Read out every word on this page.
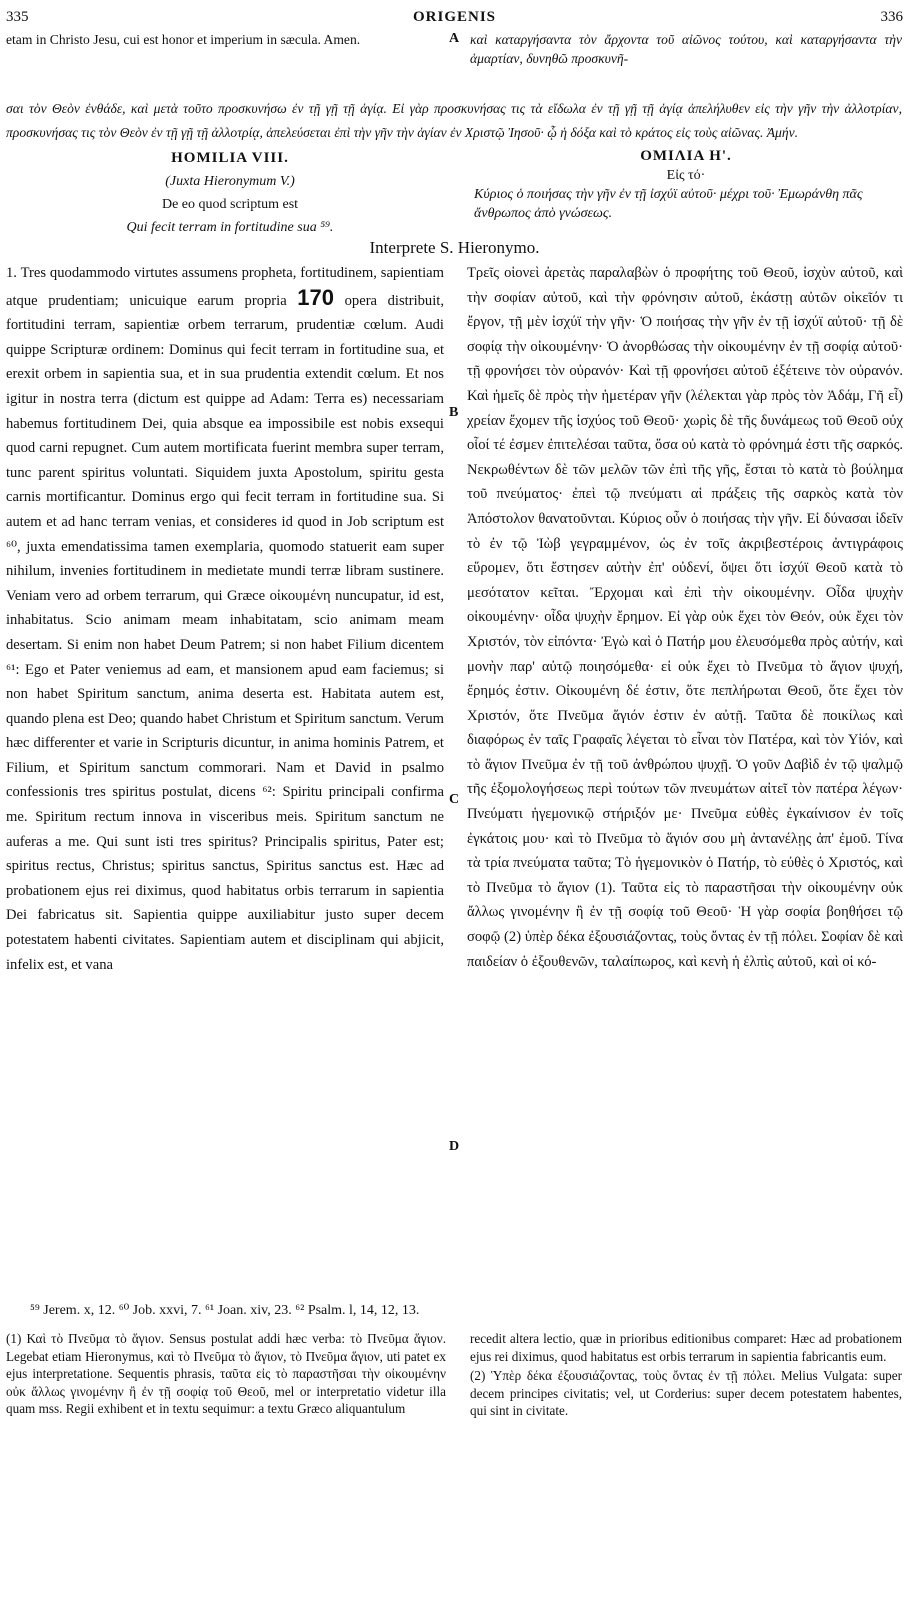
335	ORIGENIS	336
etam in Christo Jesu, cui est honor et imperium in sæcula. Amen.	A καὶ καταργήσαντα τὸν ἄρχοντα τοῦ αἰῶνος τούτου, καὶ καταργήσαντα τὴν ἁμαρτίαν, δυνηθῶ προσκυνῆ-
σαι τὸν Θεὸν ἐνθάδε, καὶ μετὰ τοῦτο προσκυνήσω ἐν τῇ γῇ τῇ ἁγίᾳ. Εἰ γὰρ προσκυνήσας τις τὰ εἴδωλα ἐν τῇ γῇ τῇ ἁγίᾳ ἀπελήλυθεν εἰς τὴν γῆν τὴν ἀλλοτρίαν, προσκυνήσας τις τὸν Θεὸν ἐν τῇ γῇ τῇ ἀλλοτρίᾳ, ἀπελεύσεται ἐπὶ τὴν γῆν τὴν ἁγίαν ἐν Χριστῷ Ἰησοῦ· ᾧ ἡ δόξα καὶ τὸ κράτος εἰς τοὺς αἰῶνας. Ἀμήν.
HOMILIA VIII.
(Juxta Hieronymum V.)
De eo quod scriptum est
Qui fecit terram in fortitudine sua ⁵⁹.
ΟΜΙΛΙΑ Η'.
Εἰς τό·
Κύριος ὁ ποιήσας τὴν γῆν ἐν τῇ ἰσχύϊ αὐτοῦ· μέχρι τοῦ· Ἐμωράνθη πᾶς ἄνθρωπος ἀπὸ γνώσεως.
Interprete S. Hieronymo.

1. Tres quodammodo virtutes assumens propheta, fortitudinem, sapientiam atque prudentiam; unicuique earum propria 170 opera distribuit, fortitudini terram, sapientiæ orbem terrarum, prudentiæ cœlum. Audi quippe Scripturæ ordinem: Dominus qui fecit terram in fortitudine sua, et erexit orbem in sapientia sua, et in sua prudentia extendit cœlum. Et nos igitur in nostra terra (dictum est quippe ad Adam: Terra es) necessariam habemus fortitudinem Dei, quia absque ea impossibile est nobis exsequi quod carni repugnet. Cum autem mortificata fuerint membra super terram, tunc parent spiritus voluntati. Siquidem juxta Apostolum, spiritu gesta carnis mortificantur. Dominus ergo qui fecit terram in fortitudine sua. Si autem et ad hanc terram venias, et consideres id quod in Job scriptum est ⁶⁰, juxta emendatissima tamen exemplaria, quomodo statuerit eam super nihilum, invenies fortitudinem in medietate mundi terræ libram sustinere. Veniam vero ad orbem terrarum, qui Græce οἰκουμένη nuncupatur, id est, inhabitatus. Scio animam meam inhabitatam, scio animam meam desertam. Si enim non habet Deum Patrem; si non habet Filium dicentem ⁶¹: Ego et Pater veniemus ad eam, et mansionem apud eam faciemus; si non habet Spiritum sanctum, anima deserta est. Habitata autem est, quando plena est Deo; quando habet Christum et Spiritum sanctum. Verum hæc differenter et varie in Scripturis dicuntur, in anima hominis Patrem, et Filium, et Spiritum sanctum commorari. Nam et David in psalmo confessionis tres spiritus postulat, dicens ⁶²: Spiritu principali confirma me. Spiritum rectum innova in visceribus meis. Spiritum sanctum ne auferas a me. Qui sunt isti tres spiritus? Principalis spiritus, Pater est; spiritus rectus, Christus; spiritus sanctus, Spiritus sanctus est. Hæc ad probationem ejus rei diximus, quod habitatus orbis terrarum in sapientia Dei fabricatus sit. Sapientia quippe auxiliabitur justo super decem potestatem habenti civitates. Sapientiam autem et disciplinam qui abjicit, infelix est, et vana

B
C
D

Τρεῖς οἱονεὶ ἀρετὰς παραλαβὼν ὁ προφήτης τοῦ Θεοῦ, ἰσχὺν αὐτοῦ, καὶ τὴν σοφίαν αὐτοῦ, καὶ τὴν φρόνησιν αὐτοῦ, ἑκάστῃ αὐτῶν οἰκεῖόν τι ἔργον, τῇ μὲν ἰσχύϊ τὴν γῆν· Ὁ ποιήσας τὴν γῆν ἐν τῇ ἰσχύϊ αὐτοῦ· τῇ δὲ σοφίᾳ τὴν οἰκουμένην· Ὁ ἀνορθώσας τὴν οἰκουμένην ἐν τῇ σοφίᾳ αὐτοῦ· τῇ φρονήσει τὸν οὐρανόν· Καὶ τῇ φρονήσει αὐτοῦ ἐξέτεινε τὸν οὐρανόν. Καὶ ἡμεῖς δὲ πρὸς τὴν ἡμετέραν γῆν (λέλεκται γὰρ πρὸς τὸν Ἀδάμ, Γῆ εἶ) χρείαν ἔχομεν τῆς ἰσχύος τοῦ Θεοῦ· χωρὶς δὲ τῆς δυνάμεως τοῦ Θεοῦ οὐχ οἷοί τέ ἐσμεν ἐπιτελέσαι ταῦτα, ὅσα οὐ κατὰ τὸ φρόνημά ἐστι τῆς σαρκός. Νεκρωθέντων δὲ τῶν μελῶν τῶν ἐπὶ τῆς γῆς, ἔσται τὸ κατὰ τὸ βούλημα τοῦ πνεύματος· ἐπεὶ τῷ πνεύματι αἱ πράξεις τῆς σαρκὸς κατὰ τὸν Ἀπόστολον θανατοῦνται. Κύριος οὖν ὁ ποιήσας τὴν γῆν. Εἰ δύνασαι ἰδεῖν τὸ ἐν τῷ Ἰὼβ γεγραμμένον, ὡς ἐν τοῖς ἀκριβεστέροις ἀντιγράφοις εὕρομεν, ὅτι ἔστησεν αὐτὴν ἐπ' οὐδενί, ὄψει ὅτι ἰσχύϊ Θεοῦ κατὰ τὸ μεσότατον κεῖται. Ἔρχομαι καὶ ἐπὶ τὴν οἰκουμένην. Οἶδα ψυχὴν οἰκουμένην· οἶδα ψυχὴν ἔρημον. Εἰ γὰρ οὐκ ἔχει τὸν Θεόν, οὐκ ἔχει τὸν Χριστόν, τὸν εἰπόντα· Ἐγὼ καὶ ὁ Πατήρ μου ἐλευσόμεθα πρὸς αὐτήν, καὶ μονὴν παρ' αὐτῷ ποιησόμεθα· εἰ οὐκ ἔχει τὸ Πνεῦμα τὸ ἅγιον ψυχή, ἔρημός ἐστιν. Οἰκουμένη δέ ἐστιν, ὅτε πεπλήρωται Θεοῦ, ὅτε ἔχει τὸν Χριστόν, ὅτε Πνεῦμα ἅγιόν ἐστιν ἐν αὐτῇ. Ταῦτα δὲ ποικίλως καὶ διαφόρως ἐν ταῖς Γραφαῖς λέγεται τὸ εἶναι τὸν Πατέρα, καὶ τὸν Υἱόν, καὶ τὸ ἅγιον Πνεῦμα ἐν τῇ τοῦ ἀνθρώπου ψυχῇ. Ὁ γοῦν Δαβὶδ ἐν τῷ ψαλμῷ τῆς ἐξομολογήσεως περὶ τούτων τῶν πνευμάτων αἰτεῖ τὸν πατέρα λέγων· Πνεύματι ἡγεμονικῷ στήριξόν με· Πνεῦμα εὐθὲς ἐγκαίνισον ἐν τοῖς ἐγκάτοις μου· καὶ τὸ Πνεῦμα τὸ ἅγιόν σου μὴ ἀντανέλῃς ἀπ' ἐμοῦ. Τίνα τὰ τρία πνεύματα ταῦτα; Τὸ ἡγεμονικὸν ὁ Πατήρ, τὸ εὐθὲς ὁ Χριστός, καὶ τὸ Πνεῦμα τὸ ἅγιον (1). Ταῦτα εἰς τὸ παραστῆσαι τὴν οἰκουμένην οὐκ ἄλλως γινομένην ἢ ἐν τῇ σοφίᾳ τοῦ Θεοῦ· Ἡ γὰρ σοφία βοηθήσει τῷ σοφῷ (2) ὑπὲρ δέκα ἐξουσιάζοντας, τοὺς ὄντας ἐν τῇ πόλει. Σοφίαν δὲ καὶ παιδείαν ὁ ἐξουθενῶν, ταλαίπωρος, καὶ κενὴ ἡ ἐλπὶς αὐτοῦ, καὶ οἱ κό-

⁵⁹ Jerem. x, 12. ⁶⁰ Job. xxvi, 7. ⁶¹ Joan. xiv, 23. ⁶² Psalm. l, 14, 12, 13.

(1) Καὶ τὸ Πνεῦμα τὸ ἅγιον. Sensus postulat addi hæc verba: τὸ Πνεῦμα ἅγιον. Legebat etiam Hieronymus, καὶ τὸ Πνεῦμα τὸ ἅγιον, τὸ Πνεῦμα ἅγιον, uti patet ex ejus interpretatione. Sequentis phrasis, ταῦτα εἰς τὸ παραστῆσαι τὴν οἰκουμένην οὐκ ἄλλως γινομένην ἢ ἐν τῇ σοφίᾳ τοῦ Θεοῦ, mel or interpretatio videtur illa quam mss. Regii exhibent et in textu sequimur: a textu Græco aliquantulum

recedit altera lectio, quæ in prioribus editionibus comparet: Hæc ad probationem ejus rei diximus, quod habitatus est orbis terrarum in sapientia fabricantis eum.

(2) Ὑπὲρ δέκα ἐξουσιάζοντας, τοὺς ὄντας ἐν τῇ πόλει. Melius Vulgata: super decem principes civitatis; vel, ut Corderius: super decem potestatem habentes, qui sint in civitate.
